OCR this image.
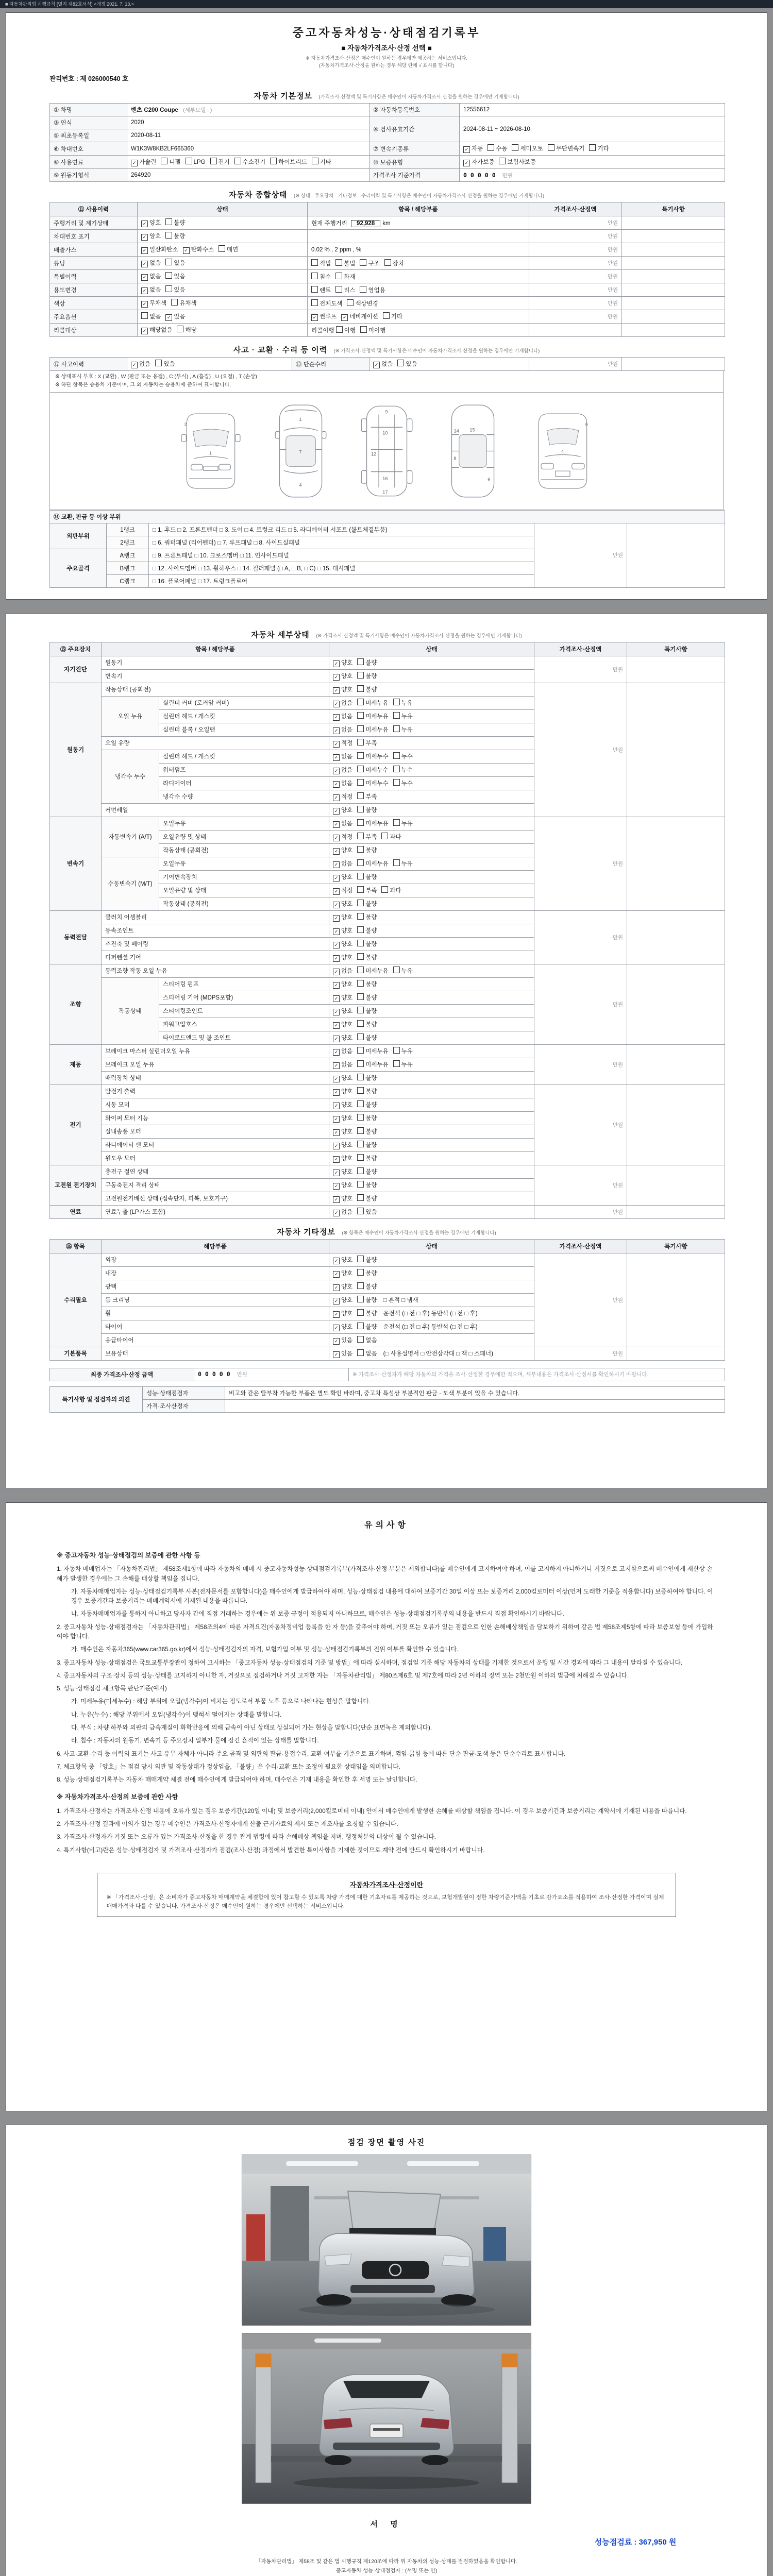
■ 자동차관리법 시행규칙 [별지 제82호서식] <개정 2021. 7. 13.>
중고자동차성능·상태점검기록부
■ 자동차가격조사·산정 선택 ■

※ 자동차가격조사·산정은 매수인이 원하는 경우에만 제공하는 서비스입니다.

(자동차가격조사·산정을 원하는 경우 해당 란에 √ 표시를 합니다)

관리번호 : 제 026000540 호
자동차 기본정보 (가격조사·산정액 및 특기사항은 매수인이 자동차가격조사·산정을 원하는 경우에만 기재합니다)
① 차명	벤츠 C200 Coupe (세부모델 : )	② 자동차등록번호	12556612
③ 연식	2020	④ 검사유효기간	2024-08-11 ~ 2026-08-10
⑤ 최초등록일	2020-08-11		
⑥ 차대번호	W1K3W8KB2LF665360	⑦ 변속기종류	✓ 자동 수동 세미오토 무단변속기 기타
⑧ 사용연료	✓ 가솔린 디젤 LPG 전기 수소전기 하이브리드 기타	⑩ 보증유형	✓ 자가보증 보험사보증
⑨ 원동기형식	264920	가격조사 기준가격	00000 만원
자동차 종합상태 (※ 상태 · 주요장치 · 기타정보 · 수리이력 및 특기사항은 매수인이 자동차가격조사·산정을 원하는 경우에만 기재합니다)
⑪ 사용이력	상태	항목 / 해당부품	가격조사·산정액	특기사항
주행거리 및 계기상태	✓ 양호 불량	현재 주행거리 92,928 km	만원	
차대번호 표기	✓ 양호 불량		만원	
배출가스	✓ 일산화탄소 ✓ 탄화수소 매연	0.02 % , 2 ppm , %	만원	
튜닝	✓ 없음 있음	적법 불법 구조 장치	만원	
특별이력	✓ 없음 있음	침수 화재	만원	
용도변경	✓ 없음 있음	렌트 리스 영업용	만원	
색상	✓ 무채색 유채색	전체도색 색상변경	만원	
주요옵션	없음 ✓ 있음	✓ 썬루프 ✓ 네비게이션 기타	만원	
리콜대상	✓ 해당없음 해당	리콜이행 이행 미이행		
사고 · 교환 · 수리 등 이력 (※ 가격조사·산정액 및 특기사항은 매수인이 자동차가격조사·산정을 원하는 경우에만 기재합니다)
⑫ 사고이력	✓ 없음 있음	⑬ 단순수리	✓ 없음 있음	만원	
※ 상태표시 부호 : X (교환) , W (판금 또는 용접) , C (부식) , A (흠집) , U (요철) , T (손상)
※ 하단 항목은 승용차 기준이며, 그 외 자동차는 승용차에 준하여 표시합니다.
1
2
1
7
4
9
10
12
16
17
14 15
6
8
4
6
⑭ 교환, 판금 등 이상 부위				
외판부위	1랭크	□ 1. 후드 □ 2. 프론트펜더 □ 3. 도어 □ 4. 트렁크 리드 □ 5. 라디에이터 서포트 (볼트체결부품)	만원	
	2랭크	□ 6. 쿼터패널 (리어펜더) □ 7. 루프패널 □ 8. 사이드실패널		
주요골격	A랭크	□ 9. 프론트패널 □ 10. 크로스멤버 □ 11. 인사이드패널		
	B랭크	□ 12. 사이드멤버 □ 13. 휠하우스 □ 14. 필러패널 (□ A, □ B, □ C) □ 15. 대시패널		
	C랭크	□ 16. 플로어패널 □ 17. 트렁크플로어		
자동차 세부상태 (※ 가격조사·산정액 및 특기사항은 매수인이 자동차가격조사·산정을 원하는 경우에만 기재합니다)
⑮ 주요장치	항목 / 해당부품		상태	가격조사·산정액	특기사항
자기진단	원동기		✓ 양호 불량	만원	
	변속기		✓ 양호 불량		
원동기	작동상태 (공회전)		✓ 양호 불량	만원	
	오일 누유	실린더 커버 (로커암 커버)	✓ 없음 미세누유 누유		
		실린더 헤드 / 개스킷	✓ 없음 미세누유 누유		
		실린더 블록 / 오일팬	✓ 없음 미세누유 누유		
	오일 유량		✓ 적정 부족		
	냉각수 누수	실린더 헤드 / 개스킷	✓ 없음 미세누수 누수		
		워터펌프	✓ 없음 미세누수 누수		
		라디에이터	✓ 없음 미세누수 누수		
		냉각수 수량	✓ 적정 부족		
	커먼레일		✓ 양호 불량		
변속기	자동변속기 (A/T)	오일누유	✓ 없음 미세누유 누유	만원	
		오일유량 및 상태	✓ 적정 부족 과다		
		작동상태 (공회전)	✓ 양호 불량		
	수동변속기 (M/T)	오일누유	✓ 없음 미세누유 누유		
		기어변속장치	✓ 양호 불량		
		오일유량 및 상태	✓ 적정 부족 과다		
		작동상태 (공회전)	✓ 양호 불량		
동력전달	클러치 어셈블리		✓ 양호 불량	만원	
	등속조인트		✓ 양호 불량		
	추진축 및 베어링		✓ 양호 불량		
	디퍼렌셜 기어		✓ 양호 불량		
조향	동력조향 작동 오일 누유		✓ 없음 미세누유 누유	만원	
	작동상태	스티어링 펌프	✓ 양호 불량		
		스티어링 기어 (MDPS포함)	✓ 양호 불량		
		스티어링조인트	✓ 양호 불량		
		파워고압호스	✓ 양호 불량		
		타이로드엔드 및 볼 조인트	✓ 양호 불량		
제동	브레이크 마스터 실린더오일 누유		✓ 없음 미세누유 누유	만원	
	브레이크 오일 누유		✓ 없음 미세누유 누유		
	배력장치 상태		✓ 양호 불량		
전기	발전기 출력		✓ 양호 불량	만원	
	시동 모터		✓ 양호 불량		
	와이퍼 모터 기능		✓ 양호 불량		
	실내송풍 모터		✓ 양호 불량		
	라디에이터 팬 모터		✓ 양호 불량		
	윈도우 모터		✓ 양호 불량		
고전원 전기장치	충전구 절연 상태		✓ 양호 불량	만원	
	구동축전지 격리 상태		✓ 양호 불량		
	고전원전기배선 상태 (접속단자, 피복, 보호기구)		✓ 양호 불량		
연료	연료누출 (LP가스 포함)		✓ 없음 있음	만원	
자동차 기타정보 (※ 항목은 매수인이 자동차가격조사·산정을 원하는 경우에만 기재합니다)
⑯ 항목	해당부품	상태	가격조사·산정액	특기사항
수리필요	외장	✓ 양호 불량	만원	
	내장	✓ 양호 불량		
	광택	✓ 양호 불량		
	룸 크리닝	✓ 양호 불량 □ 흔적 □ 냄새		
	휠	✓ 양호 불량 운전석 (□ 전 □ 후) 동반석 (□ 전 □ 후)		
	타이어	✓ 양호 불량 운전석 (□ 전 □ 후) 동반석 (□ 전 □ 후)		
	응급타이어	✓ 있음 없음		
기본품목	보유상태	✓ 있음 없음 (□ 사용설명서 □ 안전삼각대 □ 잭 □ 스패너)	만원	
최종 가격조사·산정 금액	00000 만원	※ 가격조사·산정자가 해당 자동차의 가격을 조사·산정한 경우에만 적으며, 세부내용은 가격조사·산정서를 확인하시기 바랍니다.
특기사항 및 점검자의 의견	성능·상태점검자	비고와 같은 탈부착 가능한 부품은 별도 확인 바라며, 중고차 특성상 부분적인 판금 · 도색 부분이 있을 수 있습니다.
	가격·조사산정자	
유의사항

※ 중고자동차 성능·상태점검의 보증에 관한 사항 등

1. 자동차 매매업자는 「자동차관리법」 제58조제1항에 따라 자동차의 매매 시 중고자동차성능·상태점검기록부(가격조사·산정 부분은 제외합니다)를 매수인에게 고지하여야 하며, 이를 고지하지 아니하거나 거짓으로 고지함으로써 매수인에게 재산상 손해가 발생한 경우에는 그 손해를 배상할 책임을 집니다.

가. 자동차매매업자는 성능·상태점검기록부 사본(전자문서를 포함합니다)을 매수인에게 발급하여야 하며, 성능·상태점검 내용에 대하여 보증기간 30일 이상 또는 보증거리 2,000킬로미터 이상(먼저 도래한 기준을 적용합니다) 보증하여야 합니다. 이 경우 보증기간과 보증거리는 매매계약서에 기재된 내용을 따릅니다.

나. 자동차매매업자를 통하지 아니하고 당사자 간에 직접 거래하는 경우에는 위 보증 규정이 적용되지 아니하므로, 매수인은 성능·상태점검기록부의 내용을 반드시 직접 확인하시기 바랍니다.

2. 중고자동차 성능·상태점검자는 「자동차관리법」 제58조의4에 따른 자격요건(자동차정비업 등록을 한 자 등)을 갖추어야 하며, 거짓 또는 오류가 있는 점검으로 인한 손해배상책임을 담보하기 위하여 같은 법 제58조제5항에 따라 보증보험 등에 가입하여야 합니다.

가. 매수인은 자동차365(www.car365.go.kr)에서 성능·상태점검자의 자격, 보험가입 여부 및 성능·상태점검기록부의 진위 여부를 확인할 수 있습니다.

3. 중고자동차 성능·상태점검은 국토교통부장관이 정하여 고시하는 「중고자동차 성능·상태점검의 기준 및 방법」에 따라 실시하며, 점검일 기준 해당 자동차의 상태를 기재한 것으로서 운행 및 시간 경과에 따라 그 내용이 달라질 수 있습니다.

4. 중고자동차의 구조·장치 등의 성능·상태를 고지하지 아니한 자, 거짓으로 점검하거나 거짓 고지한 자는 「자동차관리법」 제80조제6호 및 제7호에 따라 2년 이하의 징역 또는 2천만원 이하의 벌금에 처해질 수 있습니다.

5. 성능·상태점검 체크항목 판단기준(예시)

가. 미세누유(미세누수) : 해당 부위에 오일(냉각수)이 비치는 정도로서 부품 노후 등으로 나타나는 현상을 말합니다.

나. 누유(누수) : 해당 부위에서 오일(냉각수)이 맺혀서 떨어지는 상태를 말합니다.

다. 부식 : 차량 하부와 외판의 금속재질이 화학반응에 의해 금속이 아닌 상태로 상실되어 가는 현상을 말합니다(단순 표면녹은 제외합니다).

라. 침수 : 자동차의 원동기, 변속기 등 주요장치 일부가 물에 잠긴 흔적이 있는 상태를 말합니다.

6. 사고·교환·수리 등 이력의 표기는 사고 유무 자체가 아니라 주요 골격 및 외판의 판금·용접수리, 교환 여부를 기준으로 표기하며, 꺾임·긁힘 등에 따른 단순 판금·도색 등은 단순수리로 표시합니다.

7. 체크항목 중 「양호」는 점검 당시 외관 및 작동상태가 정상임을, 「불량」은 수리·교환 또는 조정이 필요한 상태임을 의미합니다.

8. 성능·상태점검기록부는 자동차 매매계약 체결 전에 매수인에게 발급되어야 하며, 매수인은 기재 내용을 확인한 후 서명 또는 날인합니다.

※ 자동차가격조사·산정의 보증에 관한 사항

1. 가격조사·산정자는 가격조사·산정 내용에 오류가 있는 경우 보증기간(120일 이내) 및 보증거리(2,000킬로미터 이내) 안에서 매수인에게 발생한 손해를 배상할 책임을 집니다. 이 경우 보증기간과 보증거리는 계약서에 기재된 내용을 따릅니다.

2. 가격조사·산정 결과에 이의가 있는 경우 매수인은 가격조사·산정자에게 산출 근거자료의 제시 또는 재조사를 요청할 수 있습니다.

3. 가격조사·산정자가 거짓 또는 오류가 있는 가격조사·산정을 한 경우 관계 법령에 따라 손해배상 책임을 지며, 행정처분의 대상이 될 수 있습니다.

4. 특기사항(비고)란은 성능·상태점검자 및 가격조사·산정자가 점검(조사·산정) 과정에서 발견한 특이사항을 기재한 것이므로 계약 전에 반드시 확인하시기 바랍니다.

자동차가격조사·산정이란

※ 「가격조사·산정」은 소비자가 중고자동차 매매계약을 체결함에 있어 참고할 수 있도록 차량 가격에 대한 기초자료를 제공하는 것으로, 보험개발원이 정한 차량기준가액을 기초로 감가요소를 적용하여 조사·산정한 가격이며 실제 매매가격과 다를 수 있습니다. 가격조사·산정은 매수인이 원하는 경우에만 선택하는 서비스입니다.

점검 장면 촬영 사진
서 명
성능점검료 : 367,950 원
「자동차관리법」 제58조 및 같은 법 시행규칙 제120조에 따라 위 자동차의 성능·상태를 점검하였음을 확인합니다.
중고자동차 성능·상태점검자 : (서명 또는 인)
